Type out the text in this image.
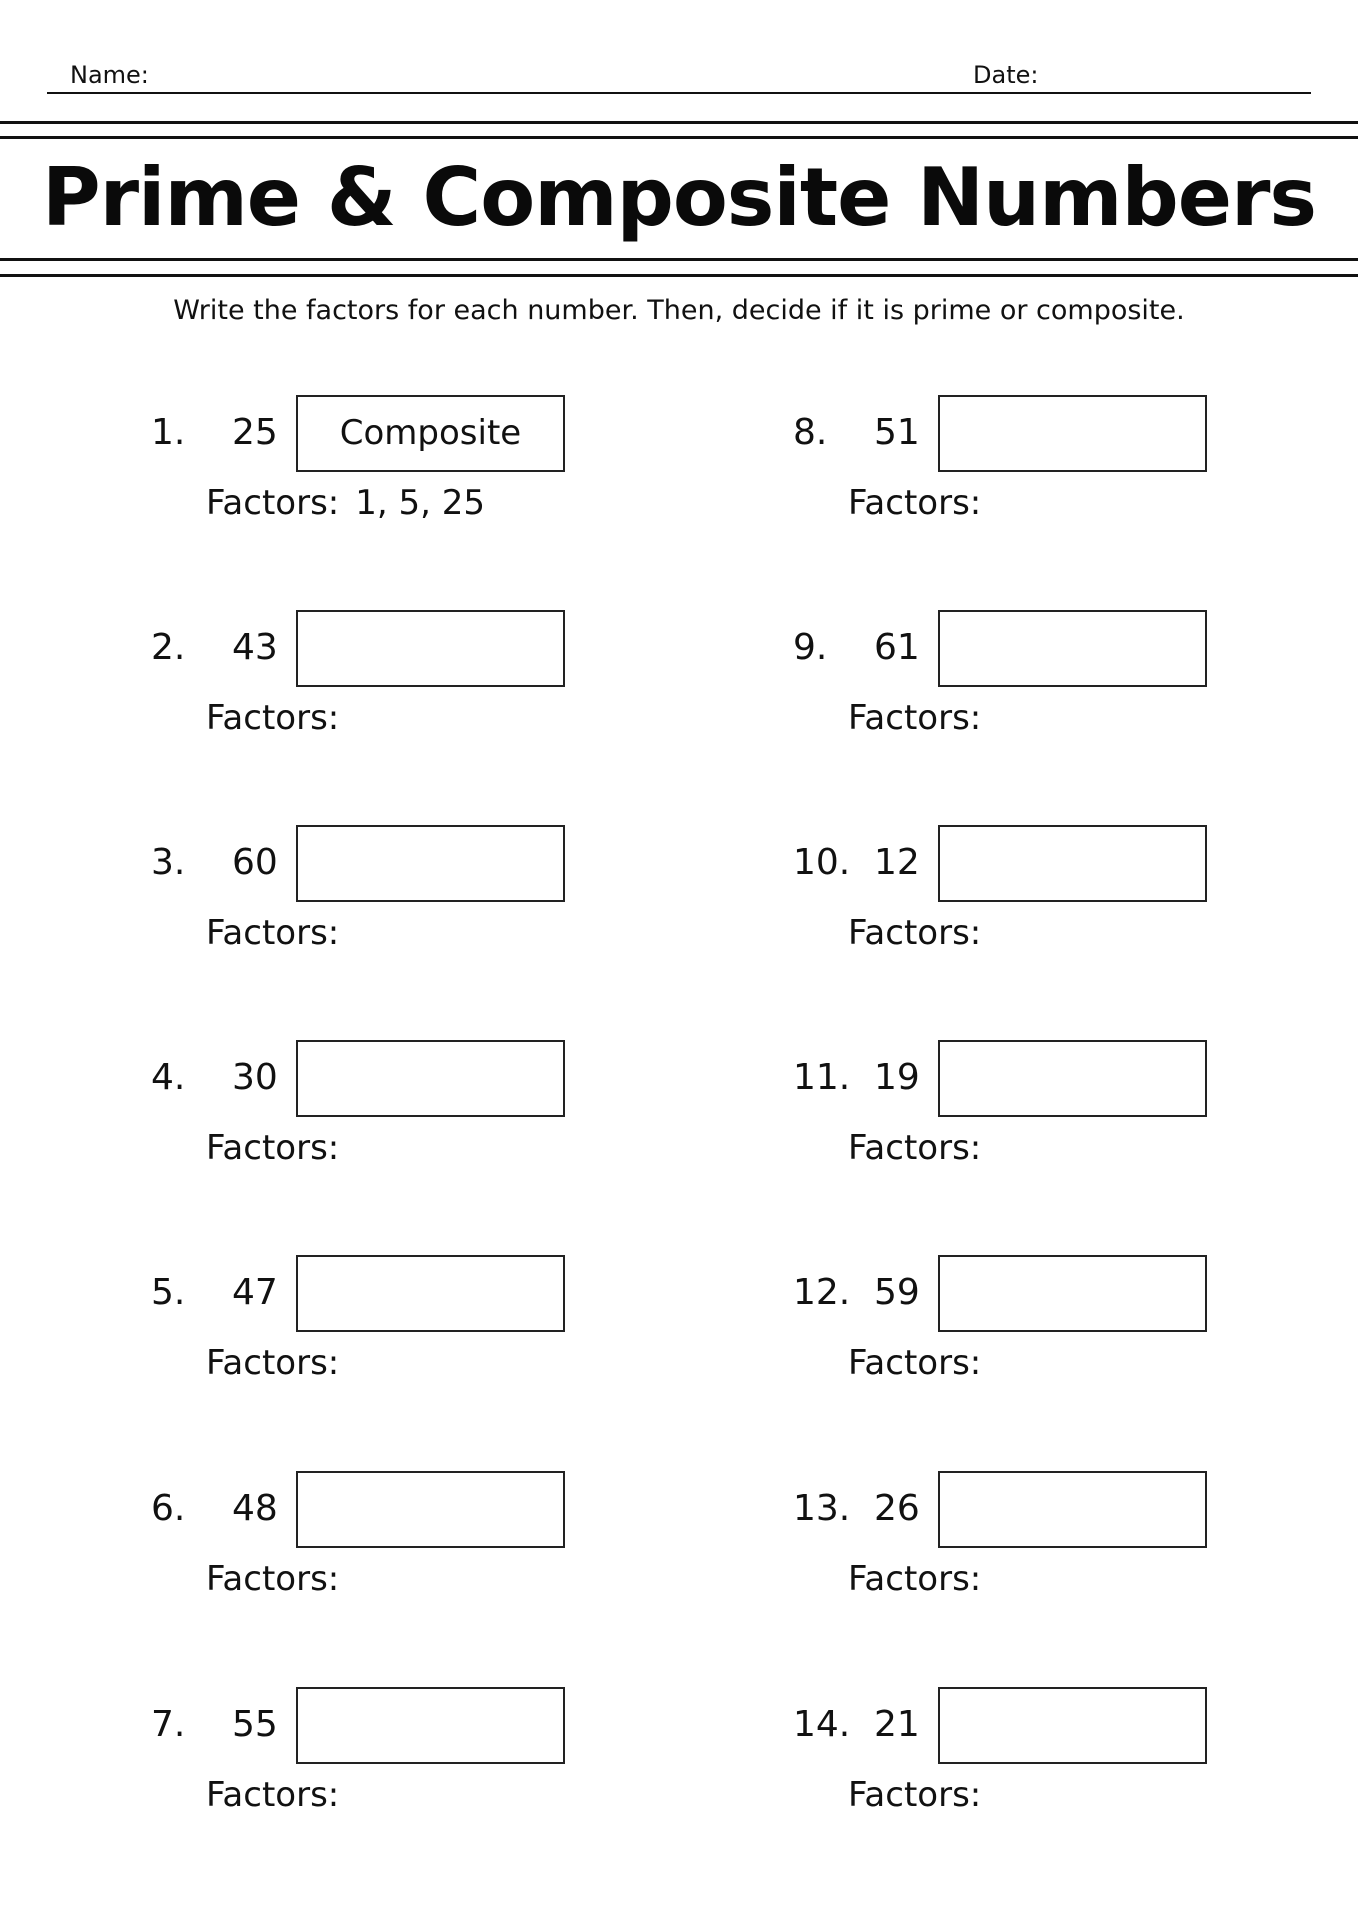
Name:	Date:
Prime & Composite Numbers
Write the factors for each number. Then, decide if it is prime or composite.
1. 25	Composite
Factors: 1, 5, 25
2. 43
Factors:
3. 60
Factors:
4. 30
Factors:
5. 47
Factors:
6. 48
Factors:
7. 55
Factors:
8. 51
Factors:
9. 61
Factors:
10. 12
Factors:
11. 19
Factors:
12. 59
Factors:
13. 26
Factors:
14. 21
Factors:
